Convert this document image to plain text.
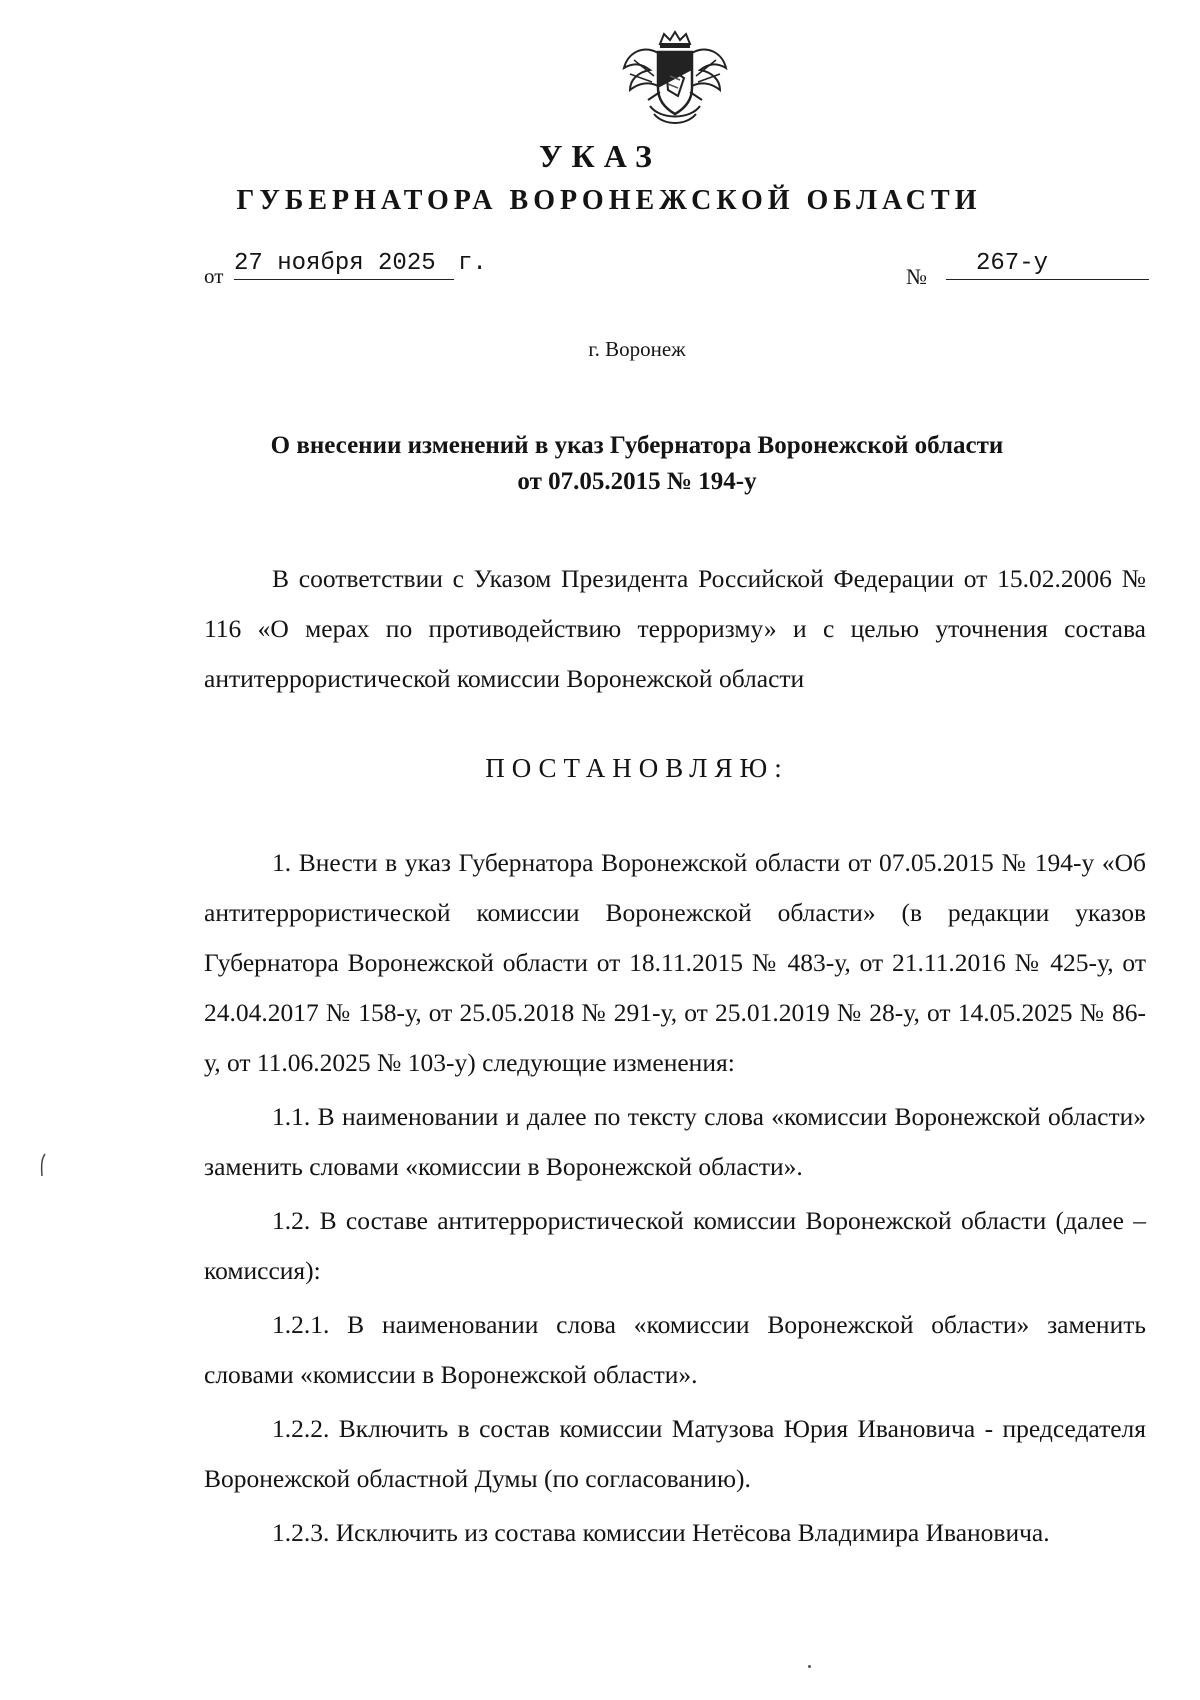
УКАЗ
ГУБЕРНАТОРА ВОРОНЕЖСКОЙ ОБЛАСТИ
от 27 ноября 2025 г.	№	267-у
г. Воронеж
О внесении изменений в указ Губернатора Воронежской области
от 07.05.2015 № 194-у

В соответствии с Указом Президента Российской Федерации от 15.02.2006 № 116 «О мерах по противодействию терроризму» и с целью уточнения состава антитеррористической комиссии Воронежской области

ПОСТАНОВЛЯЮ:

1. Внести в указ Губернатора Воронежской области от 07.05.2015 № 194-у «Об антитеррористической комиссии Воронежской области» (в редакции указов Губернатора Воронежской области от 18.11.2015 № 483-у, от 21.11.2016 № 425-у, от 24.04.2017 № 158-у, от 25.05.2018 № 291-у, от 25.01.2019 № 28-у, от 14.05.2025 № 86-у, от 11.06.2025 № 103-у) следующие изменения:

1.1. В наименовании и далее по тексту слова «комиссии Воронежской области» заменить словами «комиссии в Воронежской области».

1.2. В составе антитеррористической комиссии Воронежской области (далее – комиссия):

1.2.1. В наименовании слова «комиссии Воронежской области» заменить словами «комиссии в Воронежской области».

1.2.2. Включить в состав комиссии Матузова Юрия Ивановича - председателя Воронежской областной Думы (по согласованию).

1.2.3. Исключить из состава комиссии Нетёсова Владимира Ивановича.
